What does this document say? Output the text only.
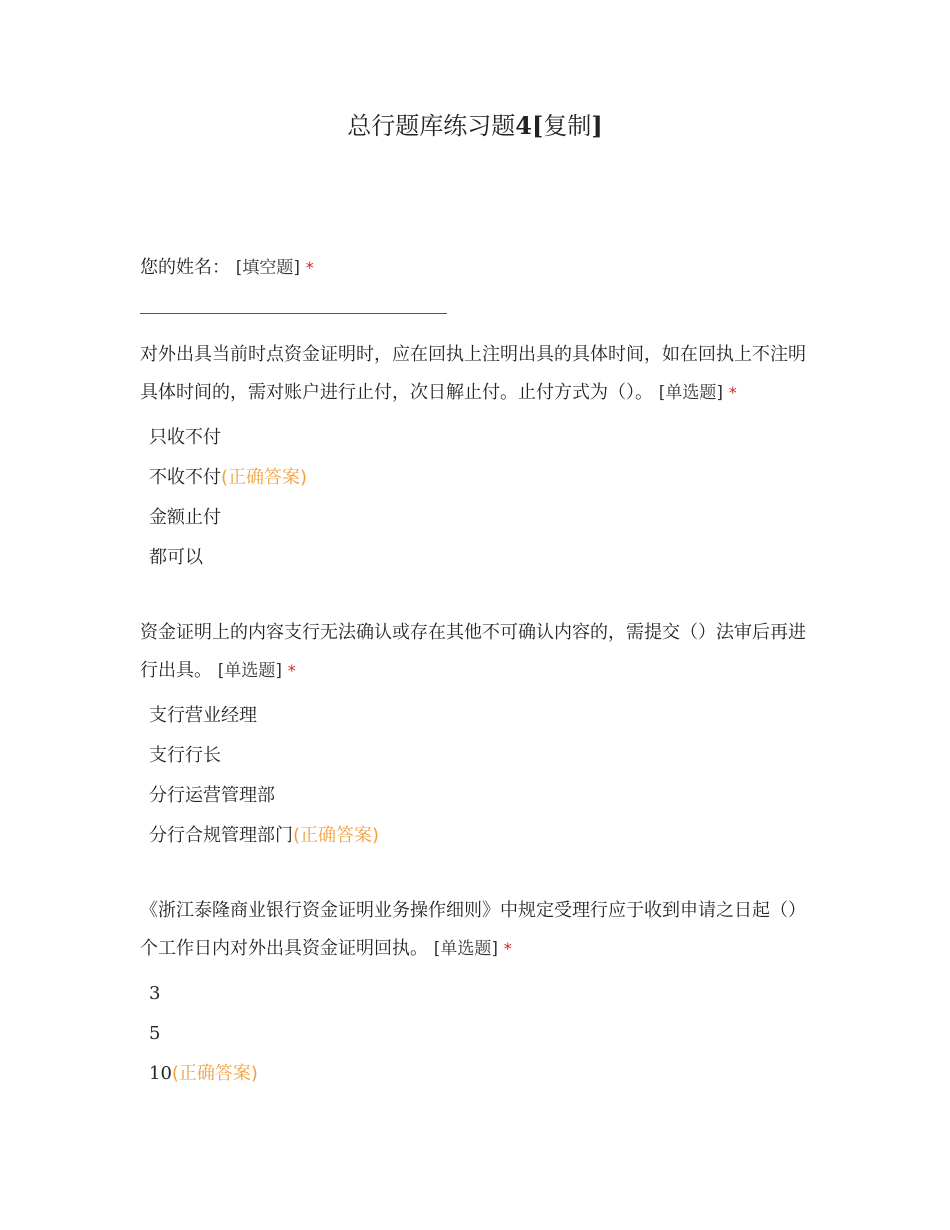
总行题库练习题4[复制]
您的姓名： [填空题] *
对外出具当前时点资金证明时，应在回执上注明出具的具体时间，如在回执上不注明具体时间的，需对账户进行止付，次日解止付。止付方式为（）。 [单选题] *
只收不付
不收不付(正确答案)
金额止付
都可以
资金证明上的内容支行无法确认或存在其他不可确认内容的，需提交（）法审后再进行出具。 [单选题] *
支行营业经理
支行行长
分行运营管理部
分行合规管理部门(正确答案)
《浙江泰隆商业银行资金证明业务操作细则》中规定受理行应于收到申请之日起（）个工作日内对外出具资金证明回执。 [单选题] *
3
5
10(正确答案)
